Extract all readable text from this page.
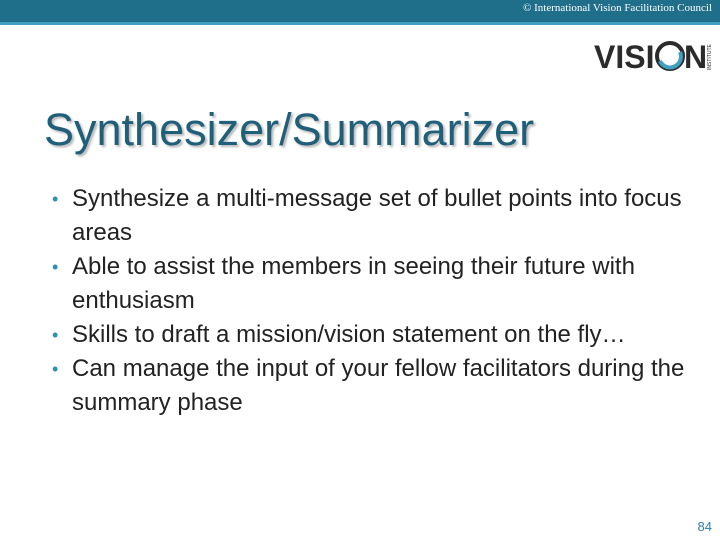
© International Vision Facilitation Council
VISI N INSTITUTE
Synthesizer/Summarizer
• Synthesize a multi-message set of bullet points into focus areas
• Able to assist the members in seeing their future with enthusiasm
• Skills to draft a mission/vision statement on the fly…
• Can manage the input of your fellow facilitators during the summary phase
84
